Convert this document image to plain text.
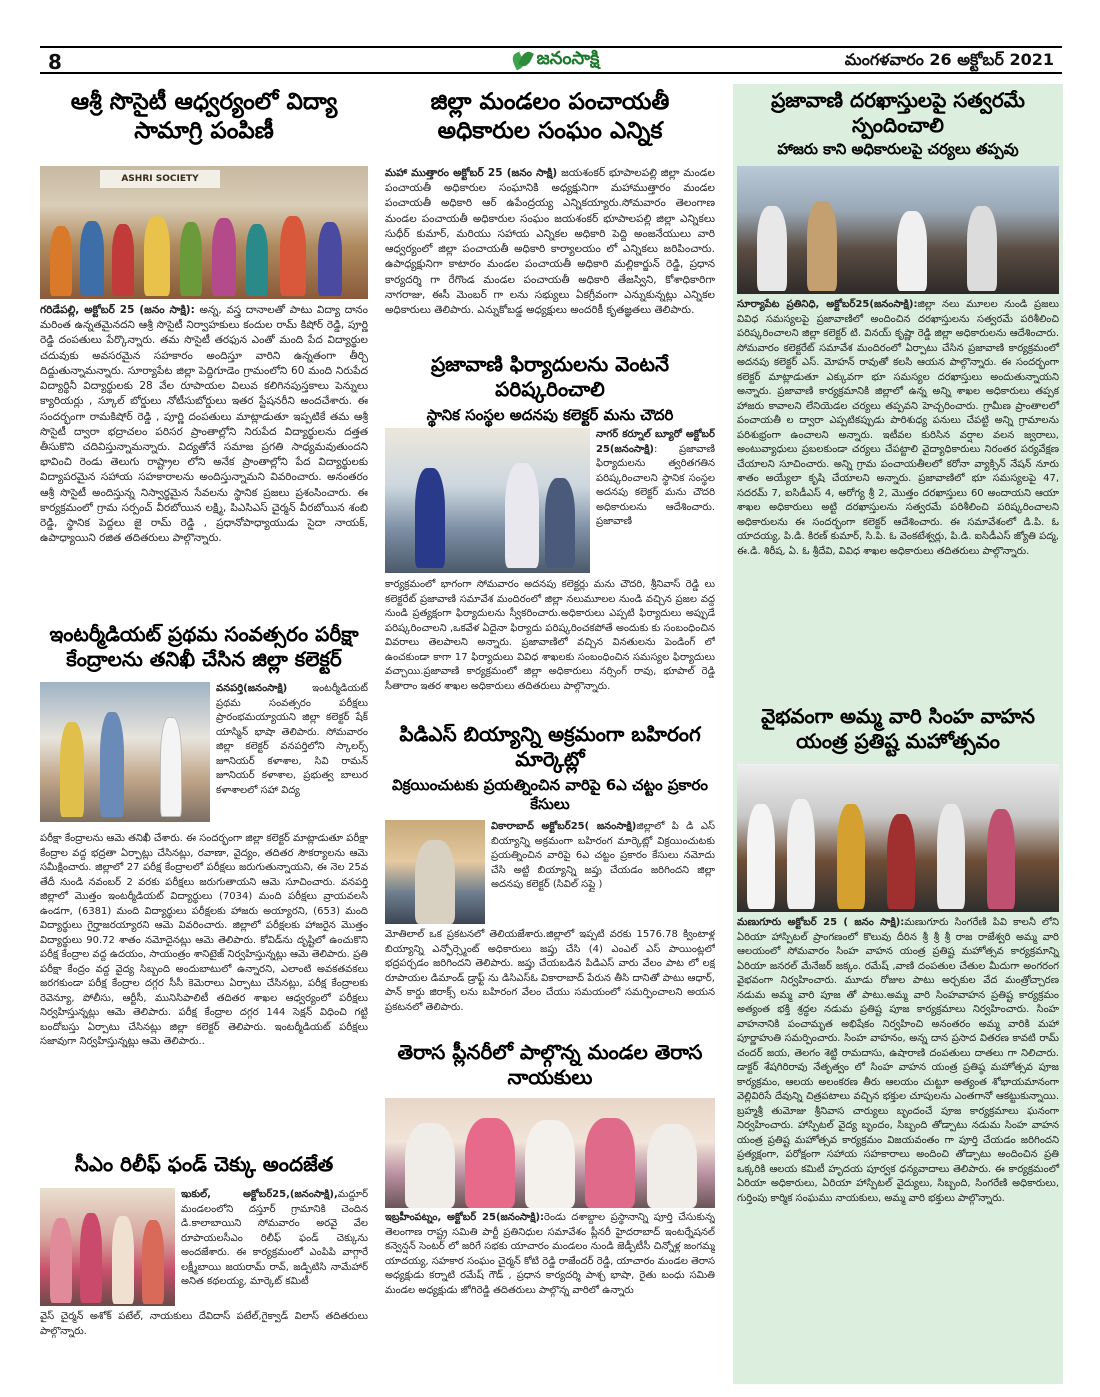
8	జనంసాక్షి	మంగళవారం 26 అక్టోబర్ 2021
ఆశ్రీ సొసైటీ ఆధ్వర్యంలో విద్యా సామాగ్రి పంపిణీ
ASHRI SOCIETY
గరిడేపల్లి, అక్టోబర్ 25 (జనం సాక్షి): అన్న, వస్త్ర దానాలతో పాటు విద్యా దానం మరింత ఉన్నతమైనదని ఆశ్రీ సొసైటీ నిర్వాహకులు కందుల రామ్ కిషోర్ రెడ్డి, పూర్ణి రెడ్డి దంపతులు పేర్కొన్నారు. తమ సొసైటీ తరఫున ఎంతో మంది పేద విద్యార్థుల చదువుకు అవసరమైన సహకారం అందిస్తూ వారిని ఉన్నతంగా తీర్చి దిద్దుతున్నామన్నారు. సూర్యాపేట జిల్లా పెద్దిగూడెం గ్రామంలోని 60 మంది నిరుపేద విద్యార్థినీ విద్యార్థులకు 28 వేల రూపాయల విలువ కలిగినపుస్తకాలు పెన్నులు క్యారియర్లు , స్కూల్ బోర్డులు నోటీసుబోర్డులు ఇతర స్టేషనరీని అందచేశారు. ఈ సందర్భంగా రామకిషోర్ రెడ్డి , పూర్ణి దంపతులు మాట్లాడుతూ ఇప్పటికే తమ ఆశ్రీ సొసైటీ ద్వారా భద్రాచలం పరిసర ప్రాంతాల్లోని నిరుపేద విద్యార్థులను దత్తత తీసుకొని చదివిస్తున్నామన్నారు. విద్యతోనే సమాజ ప్రగతి సాధ్యమవుతుందని భావించి రెండు తెలుగు రాష్ట్రాల లోని అనేక ప్రాంతాల్లోని పేద విద్యార్థులకు విద్యాపరమైన సహాయ సహకారాలను అందిస్తున్నామని వివరించారు. అనంతరం ఆశ్రీ సొసైటీ అందిస్తున్న నిస్వార్థమైన సేవలను స్థానిక ప్రజలు ప్రశంసించారు. ఈ కార్యక్రమంలో గ్రామ సర్పంచ్ వీరబోయిన లక్ష్మి, పిఎసిఎస్ చైర్మన్ వీరబోయిన శంబి రెడ్డి, స్థానిక పెద్దలు జై రామ్ రెడ్డి , ప్రధానోపాధ్యాయుడు సైదా నాయక్, ఉపాధ్యాయిని రజిత తదితరులు పాల్గొన్నారు.
ఇంటర్మీడియట్ ప్రథమ సంవత్సరం పరీక్షా కేంద్రాలను తనిఖీ చేసిన జిల్లా కలెక్టర్
వనపర్తి(జనంసాక్షి) ఇంటర్మీడియట్ ప్రథమ సంవత్సరం పరీక్షలు ప్రారంభమయ్యాయని జిల్లా కలెక్టర్ షేక్ యాస్మిన్ భాషా తెలిపారు. సోమవారం జిల్లా కలెక్టర్ వనపర్తిలోని స్కాలర్స్ జూనియర్ కళాశాల, సివి రామన్ జూనియర్ కళాశాల, ప్రభుత్వ బాలుర కళాశాలలో సహా విద్య
పరీక్షా కేంద్రాలను ఆమె తనిఖీ చేశారు. ఈ సందర్భంగా జిల్లా కలెక్టర్ మాట్లాడుతూ పరీక్షా కేంద్రాల వద్ద భద్రతా ఏర్పాట్లు చేసినట్లు, రవాణా, వైద్యం, తదితర సౌకర్యాలను ఆమె సమీక్షించారు. జిల్లాలో 27 పరీక్ష కేంద్రాలలో పరీక్షలు జరుగుతున్నాయని, ఈ నెల 25వ తేదీ నుండి నవంబర్ 2 వరకు పరీక్షలు జరుగుతాయని ఆమె సూచించారు. వనపర్తి జిల్లాలో మొత్తం ఇంటర్మీడియట్ విద్యార్థులు (7034) మంది పరీక్షలు వ్రాయవలసి ఉండగా, (6381) మంది విద్యార్థులు పరీక్షలకు హాజరు అయ్యారని, (653) మంది విద్యార్థులు గైర్హాజరయ్యారని ఆమె వివరించారు. జిల్లాలో పరీక్షలకు హాజరైన మొత్తం విద్యార్థులు 90.72 శాతం నమోదైనట్లు ఆమె తెలిపారు. కోవిడ్‌ను దృష్టిలో ఉంచుకొని పరీక్ష కేంద్రాల వద్ద ఉదయం, సాయంత్రం శానిటైజ్ నిర్వహిస్తున్నట్లు ఆమె తెలిపారు. ప్రతి పరీక్షా కేంద్రం వద్ద వైద్య సిబ్బంది అందుబాటులో ఉన్నారని, ఎలాంటి అవకతవకలు జరగకుండా పరీక్ష కేంద్రాల దగ్గర సీసీ కెమెరాలు ఏర్పాటు చేసినట్లు, పరీక్ష కేంద్రాలకు రెవెన్యూ, పోలీసు, ఆర్టీసీ, మునిసిపాలిటీ తదితర శాఖల ఆధ్వర్యంలో పరీక్షలు నిర్వహిస్తున్నట్లు ఆమె తెలిపారు. పరీక్ష కేంద్రాల దగ్గర 144 సెక్షన్ విధించి గట్టి బందోబస్తు ఏర్పాటు చేసినట్లు జిల్లా కలెక్టర్ తెలిపారు. ఇంటర్మీడియట్ పరీక్షలు సజావుగా నిర్వహిస్తున్నట్లు ఆమె తెలిపారు..
సీఎం రిలీఫ్ ఫండ్ చెక్కు అందజేత
ఇుకుల్, అక్టోబర్25,(జనంసాక్షి),మద్దూర్ మండలంలోని దస్తూర్ గ్రామానికి చెందిన డి.కాలాబాయిని సోమవారం అరవై వేల రూపాయలసీఎం రిలీఫ్ ఫండ్ చెక్కును అందజేశారు. ఈ కార్యక్రమంలో ఎంపిపి వాగ్గారే లక్ష్మీబాయి జయరామ్ రావ్, జడ్పిటిసి నామేహార్ అనిత కథలయ్య, మార్కెట్ కమిటీ
వైస్ చైర్మన్ అశోక్ పటేల్, నాయకులు దేవిదాస్ పటేల్,గైక్వాడ్ విలాస్ తదితరులు పాల్గొన్నారు.
జిల్లా మండలం పంచాయతీ అధికారుల సంఘం ఎన్నిక
మహా ముత్తారం అక్టోబర్ 25 (జనం సాక్షి) జయశంకర్ భూపాలపల్లి జిల్లా మండల పంచాయతీ అధికారుల సంఘానికి అధ్యక్షునిగా మహాముత్తారం మండల పంచాయతీ అధికారి ఆర్ ఉపేంద్రయ్య ఎన్నికయ్యారు.సోమవారం తెలంగాణ మండల పంచాయతీ అధికారుల సంఘం జయశంకర్ భూపాలపల్లి జిల్లా ఎన్నికలు సుధీర్ కుమార్, మరియు సహాయ ఎన్నికల అధికారి పెద్ది అంజనేయులు వారి ఆధ్వర్యంలో జిల్లా పంచాయతీ అధికారి కార్యాలయం లో ఎన్నికలు జరిపించారు. ఉపాధ్యక్షునిగా కాటారం మండల పంచాయతీ అధికారి మల్లికార్జున్ రెడ్డి, ప్రధాన కార్యదర్శి గా రేగొండ మండల పంచాయతీ అధికారి తేజస్విని, కోశాధికారిగా నాగరాజు, ఈసీ మెంబర్ గా లను సభ్యులు ఏకగ్రీవంగా ఎన్నుకున్నట్లు ఎన్నికల అధికారులు తెలిపారు. ఎన్నుకోబడ్డ అధ్యక్షులు అందరికీ కృతజ్ఞతలు తెలిపారు.
ప్రజావాణి ఫిర్యాదులను వెంటనే పరిష్కరించాలి
స్థానిక సంస్థల అదనపు కలెక్టర్ మను చౌదరి
నాగర్ కర్నూల్ బ్యూరో అక్టోబర్ 25(జనంసాక్షి): ప్రజావాణి ఫిర్యాదులను త్వరితగతిన పరిష్కరించాలని స్థానిక సంస్థల అదనపు కలెక్టర్ మను చౌదరి అధికారులను ఆదేశించారు. ప్రజావాణి
కార్యక్రమంలో భాగంగా సోమవారం అదనపు కలెక్టర్లు మను చౌదరి, శ్రీనివాస్ రెడ్డి లు కలెక్టరేట్ ప్రజావాణి సమావేశ మందిరంలో జిల్లా నలుమూలల నుండి వచ్చిన ప్రజల వద్ద నుండి ప్రత్యక్షంగా ఫిర్యాదులను స్వీకరించారు.అధికారులు ఎప్పటి ఫిర్యాదులు అప్పుడే పరిష్కరించాలని ,ఒకవేళ ఏదైనా ఫిర్యాదు పరిష్కరించకపోతే అందుకు కు సంబంధించిన వివరాలు తెలపాలని అన్నారు. ప్రజావాణిలో వచ్చిన వినతులను పెండింగ్ లో ఉంచకుండా కాగా 17 ఫిర్యాదులు వివిధ శాఖలకు సంబంధించిన సమస్యల ఫిర్యాదులు వచ్చాయి.ప్రజావాణి కార్యక్రమంలో జిల్లా అధికారులు నర్సింగ్ రావు, భూపాల్ రెడ్డి సీతారాం ఇతర శాఖల అధికారులు తదితరులు పాల్గొన్నారు.
పిడిఎస్ బియ్యాన్ని అక్రమంగా బహిరంగ మార్కెట్లో
విక్రయించుటకు ప్రయత్నించిన వారిపై 6ఎ చట్టం ప్రకారం కేసులు
వికారాబాద్ అక్టోబర్25( జనంసాక్షి)జిల్లాలో పి డి ఎస్ బియ్యాన్ని అక్రమంగా బహిరంగ మార్కెట్లో విక్రయించుటకు ప్రయత్నించిన వారిపై 6ఎ చట్టం ప్రకారం కేసులు నమోదు చేసి అట్టి బియ్యాన్ని జప్తు చేయడం జరిగిందని జిల్లా అదనపు కలెక్టర్ (సివిల్ సప్లై )
మోతిలాల్ ఒక ప్రకటనలో తెలియజేశారు.జిల్లాలో ఇప్పటి వరకు 1576.78 క్వింటాళ్ల బియ్యాన్ని ఎన్ఫోర్స్మెంట్ అధికారులు జప్తు చేసి (4) ఎంఎల్ ఎస్ పాయింట్లలో భద్రపర్చడం జరిగిందని తెలిపారు. జప్తు చేయబడిన పిడిఎస్ వారు వేలం పాట లో లక్ష రూపాయల డిమాండ్ డ్రాఫ్ట్ ను డిసిఎస్ఓ వికారాబాద్ పేరున తీసి దానితో పాటు ఆధార్, పాన్ కార్డు జిరాక్స్ లను బహిరంగ వేలం చేయు సమయంలో సమర్పించాలని అయన ప్రకటనలో తెలిపారు.
తెరాస ప్లీనరీలో పాల్గొన్న మండల తెరాస నాయకులు
ఇబ్రహీంపట్నం, అక్టోబర్ 25(జనంసాక్షి):రెండు దశాబ్దాల ప్రస్థానాన్ని పూర్తి చేసుకున్న తెలంగాణ రాష్ట్ర సమితి పార్టీ ప్రతినిధుల సమావేశం ప్లీనరీ హైదరాబాద్ ఇంటర్నేషనల్ కన్వెన్షన్ సెంటర్ లో జరిగే సభకు యాచారం మండలం నుండి జెడ్పీటీసీ చిన్నోళ్ల జంగమ్మ యాదయ్య, సహకార సంఘం చైర్మన్ కోటి రెడ్డి రాజేందర్ రెడ్డి, యాచారం మండల తెరాస అధ్యక్షుడు కర్నాటి రమేష్ గౌడ్ , ప్రధాన కార్యదర్శి పాశ్చ భాషా, రైతు బంధు సమితి మండల అధ్యక్షుడు జోగిరెడ్డి తదితరులు పాల్గొన్న వారిలో ఉన్నారు
ప్రజావాణి దరఖాస్తులపై సత్వరమే స్పందించాలి
హాజరు కాని అధికారులపై చర్యలు తప్పవు
సూర్యాపేట ప్రతినిధి, అక్టోబర్25(జనంసాక్షి):జిల్లా నలు మూలల నుండి ప్రజలు వివిధ సమస్యలపై ప్రజావాణిలో అందించిన దరఖాస్తులను సత్వరమే పరిశీలించి పరిష్కరించాలని జిల్లా కలెక్టర్ టి. వినయ్ కృష్ణా రెడ్డి జిల్లా అధికారులను ఆదేశించారు. సోమవారం కలెక్టరేట్ సమావేశ మందిరంలో ఏర్పాటు చేసిన ప్రజావాణి కార్యక్రమంలో అదనపు కలెక్టర్ ఎస్. మోహన్ రావుతో కలసి ఆయన పాల్గొన్నారు. ఈ సందర్భంగా కలెక్టర్ మాట్లాడుతూ ఎక్కువగా భూ సమస్యల దరఖాస్తులు అందుతున్నాయని అన్నారు. ప్రజావాణి కార్యక్రమానికి జిల్లాలో ఉన్న అన్ని శాఖల అధికారులు తప్పక హాజరు కావాలని లేనియెడల చర్యలు తప్పవని హెచ్చరించారు. గ్రామీణ ప్రాంతాలలో పంచాయతీ ల ద్వారా ఎప్పటికప్పుడు పారిశుధ్య పనులు చేపట్టి అన్ని గ్రామాలను పరిశుభ్రంగా ఉంచాలని అన్నారు. ఇటీవల కురిసిన వర్షాల వలన జ్వరాలు, అంటువ్యాధులు ప్రబలకుండా చర్యలు చేపట్టాలి వైద్యాధికారులు నిరంతర పర్యవేక్షణ చేయాలని సూచించారు. అన్ని గ్రామ పంచాయతీలలో కరోనా వ్యాక్సిన్ నేషన్ నూరు శాతం అయ్యేలా కృషి చేయాలని అన్నారు. ప్రజావాణిలో భూ సమస్యలపై 47, సదరమ్ 7, ఐసిడీఎస్ 4, ఆరోగ్య శ్రీ 2, మొత్తం దరఖాస్తులు 60 అందాయని ఆయా శాఖల అధికారులు అట్టి దరఖాస్తులను సత్వరమే పరిశీలించి పరిష్కరించాలని అధికారులను ఈ సందర్భంగా కలెక్టర్ ఆదేశించారు. ఈ సమావేశంలో డి.పి. ఓ యాదయ్య, పి.డి. కిరణ్ కుమార్, సి.పి. ఓ వెంకటేశ్వర్లు, పి.డి. ఐసిడీఎస్ జ్యోతి పద్మ, ఈ.డి. శిరీష, ఏ. ఓ శ్రీదేవి, వివిధ శాఖల అధికారులు తదితరులు పాల్గొన్నారు.
వైభవంగా అమ్మ వారి సింహ వాహన యంత్ర ప్రతిష్ట మహోత్సవం
మణుగూరు అక్టోబర్ 25 ( జనం సాక్షి):మణుగూరు సింగరేణి పివి కాలనీ లోని ఏరియా హాస్పిటల్ ప్రాంగణంలో కొలువు దీరిన శ్రీ శ్రీ శ్రీ రాజ రాజేశ్వరి అమ్మ వారి ఆలయంలో సోమవారం సింహ వాహన యంత్ర ప్రతిష్ట మహోత్సవ కార్యక్రమాన్ని ఏరియా జనరల్ మేనేజర్ జక్కం. రమేష్ ,వాణి దంపతుల చేతుల మీదుగా అంగరంగ వైభవంగా నిర్వహించారు. మూడు రోజుల పాటు అర్చకుల వేద మంత్రోచ్చారణ నడుమ అమ్మ వారి పూజ తో పాటు.అమ్మ వారి సింహవాహన ప్రతిష్ట కార్యక్రమం అత్యంత భక్తి శ్రద్ధల నడుమ ప్రతిష్ట పూజ కార్యక్రమాలు నిర్వహించారు. సింహ వాహనానికి పంచామృత అభిషేకం నిర్వహించి అనంతరం అమ్మ వారికి మహా పూర్ణాహుతి సమర్పించారు. సింహ వాహనం, అన్న దాన ప్రసాద వితరణ కావటి రామ్ చందర్ జయ, తెలగం శెట్టి రామదాసు, ఉషారాణి దంపతులు దాతలు గా నిలిచారు. డాక్టర్ శేషగిరిరావు నేతృత్వం లో సింహ వాహన యంత్ర ప్రతిష్ఠ మహోత్సవ పూజ కార్యక్రమం, ఆలయ అలంకరణ తీరు ఆలయం చుట్టూ అత్యంత శోభాయమానంగా వెల్లివిరిసే దేవున్ని చిత్రపటాలు వచ్చిన భక్తుల చూపులను ఎంతగానో ఆకట్టుకున్నాయి. బ్రహ్మశ్రీ తుమోజు శ్రీనివాస చార్యులు బృందంచే పూజ కార్యక్రమాలు ఘనంగా నిర్వహించారు. హాస్పిటల్ వైద్య బృందం, సిబ్బంది తోడ్పాటు నడుమ సింహ వాహన యంత్ర ప్రతిష్ట మహోత్సవ కార్యక్రమం విజయవంతం గా పూర్తి చేయడం జరిగిందని ప్రత్యక్షంగా, పరోక్షంగా సహాయ సహకారాలు అందించి తోడ్పాటు అందించిన ప్రతి ఒక్కరికి ఆలయ కమిటీ హృదయ పూర్వక ధన్యవాదాలు తెలిపారు. ఈ కార్యక్రమంలో ఏరియా అధికారులు, ఏరియా హాస్పిటల్ వైద్యులు, సిబ్బంది, సింగరేణి అధికారులు, గుర్తింపు కార్మిక సంఘము నాయకులు, అమ్మ వారి భక్తులు పాల్గొన్నారు.
